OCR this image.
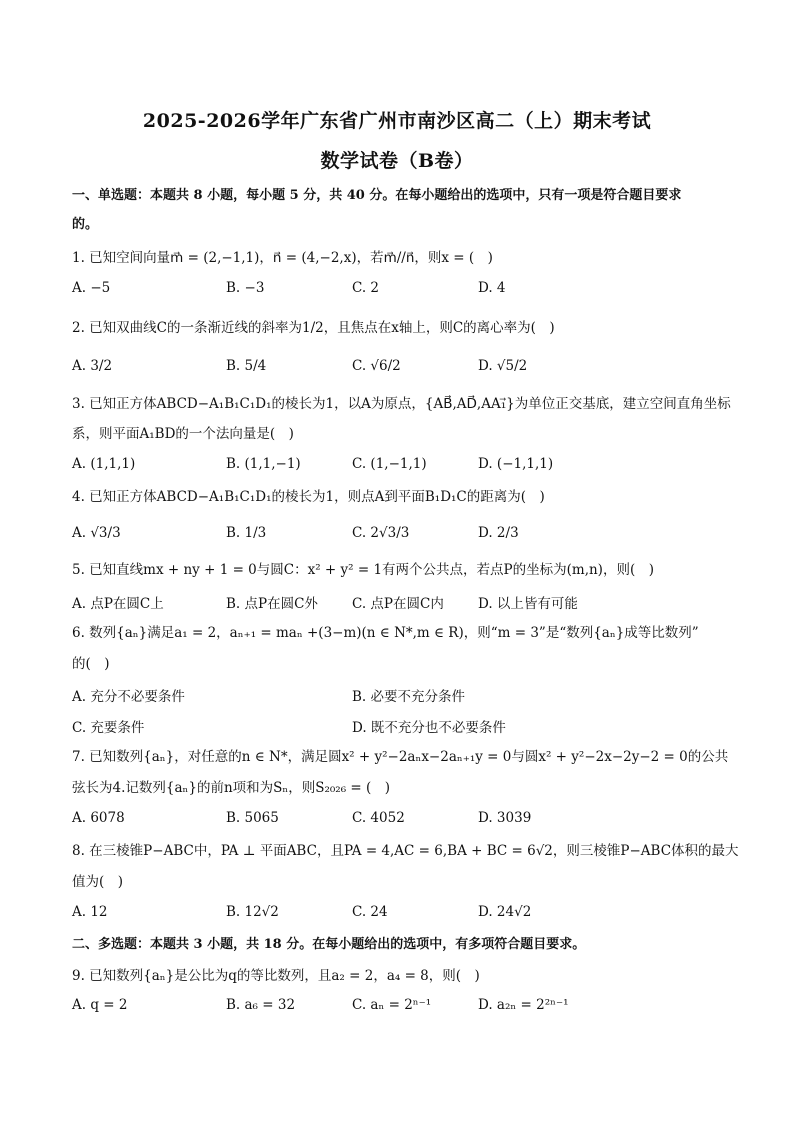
2025-2026学年广东省广州市南沙区高二（上）期末考试
数学试卷（B卷）
一、单选题：本题共 8 小题，每小题 5 分，共 40 分。在每小题给出的选项中，只有一项是符合题目要求
的。
1. 已知空间向量m⃗ = (2,−1,1)，n⃗ = (4,−2,x)，若m⃗//n⃗，则x = (　)
A. −5	B. −3	C. 2	D. 4
2. 已知双曲线C的一条渐近线的斜率为1/2，且焦点在x轴上，则C的离心率为(　)
A. 3/2	B. 5/4	C. √6/2	D. √5/2
3. 已知正方体ABCD−A₁B₁C₁D₁的棱长为1，以A为原点，{AB⃗,AD⃗,AA₁⃗}为单位正交基底，建立空间直角坐标
系，则平面A₁BD的一个法向量是(　)
A. (1,1,1)	B. (1,1,−1)	C. (1,−1,1)	D. (−1,1,1)
4. 已知正方体ABCD−A₁B₁C₁D₁的棱长为1，则点A到平面B₁D₁C的距离为(　)
A. √3/3	B. 1/3	C. 2√3/3	D. 2/3
5. 已知直线mx + ny + 1 = 0与圆C：x² + y² = 1有两个公共点，若点P的坐标为(m,n)，则(　)
A. 点P在圆C上	B. 点P在圆C外	C. 点P在圆C内	D. 以上皆有可能
6. 数列{aₙ}满足a₁ = 2，aₙ₊₁ = maₙ +(3−m)(n ∈ N*,m ∈ R)，则“m = 3”是“数列{aₙ}成等比数列”
的(　)
A. 充分不必要条件	B. 必要不充分条件
C. 充要条件	D. 既不充分也不必要条件
7. 已知数列{aₙ}，对任意的n ∈ N*，满足圆x² + y²−2aₙx−2aₙ₊₁y = 0与圆x² + y²−2x−2y−2 = 0的公共
弦长为4.记数列{aₙ}的前n项和为Sₙ，则S₂₀₂₆ = (　)
A. 6078	B. 5065	C. 4052	D. 3039
8. 在三棱锥P−ABC中，PA ⊥ 平面ABC，且PA = 4,AC = 6,BA + BC = 6√2，则三棱锥P−ABC体积的最大
值为(　)
A. 12	B. 12√2	C. 24	D. 24√2
二、多选题：本题共 3 小题，共 18 分。在每小题给出的选项中，有多项符合题目要求。
9. 已知数列{aₙ}是公比为q的等比数列，且a₂ = 2，a₄ = 8，则(　)
A. q = 2	B. a₆ = 32	C. aₙ = 2ⁿ⁻¹	D. a₂ₙ = 2²ⁿ⁻¹
